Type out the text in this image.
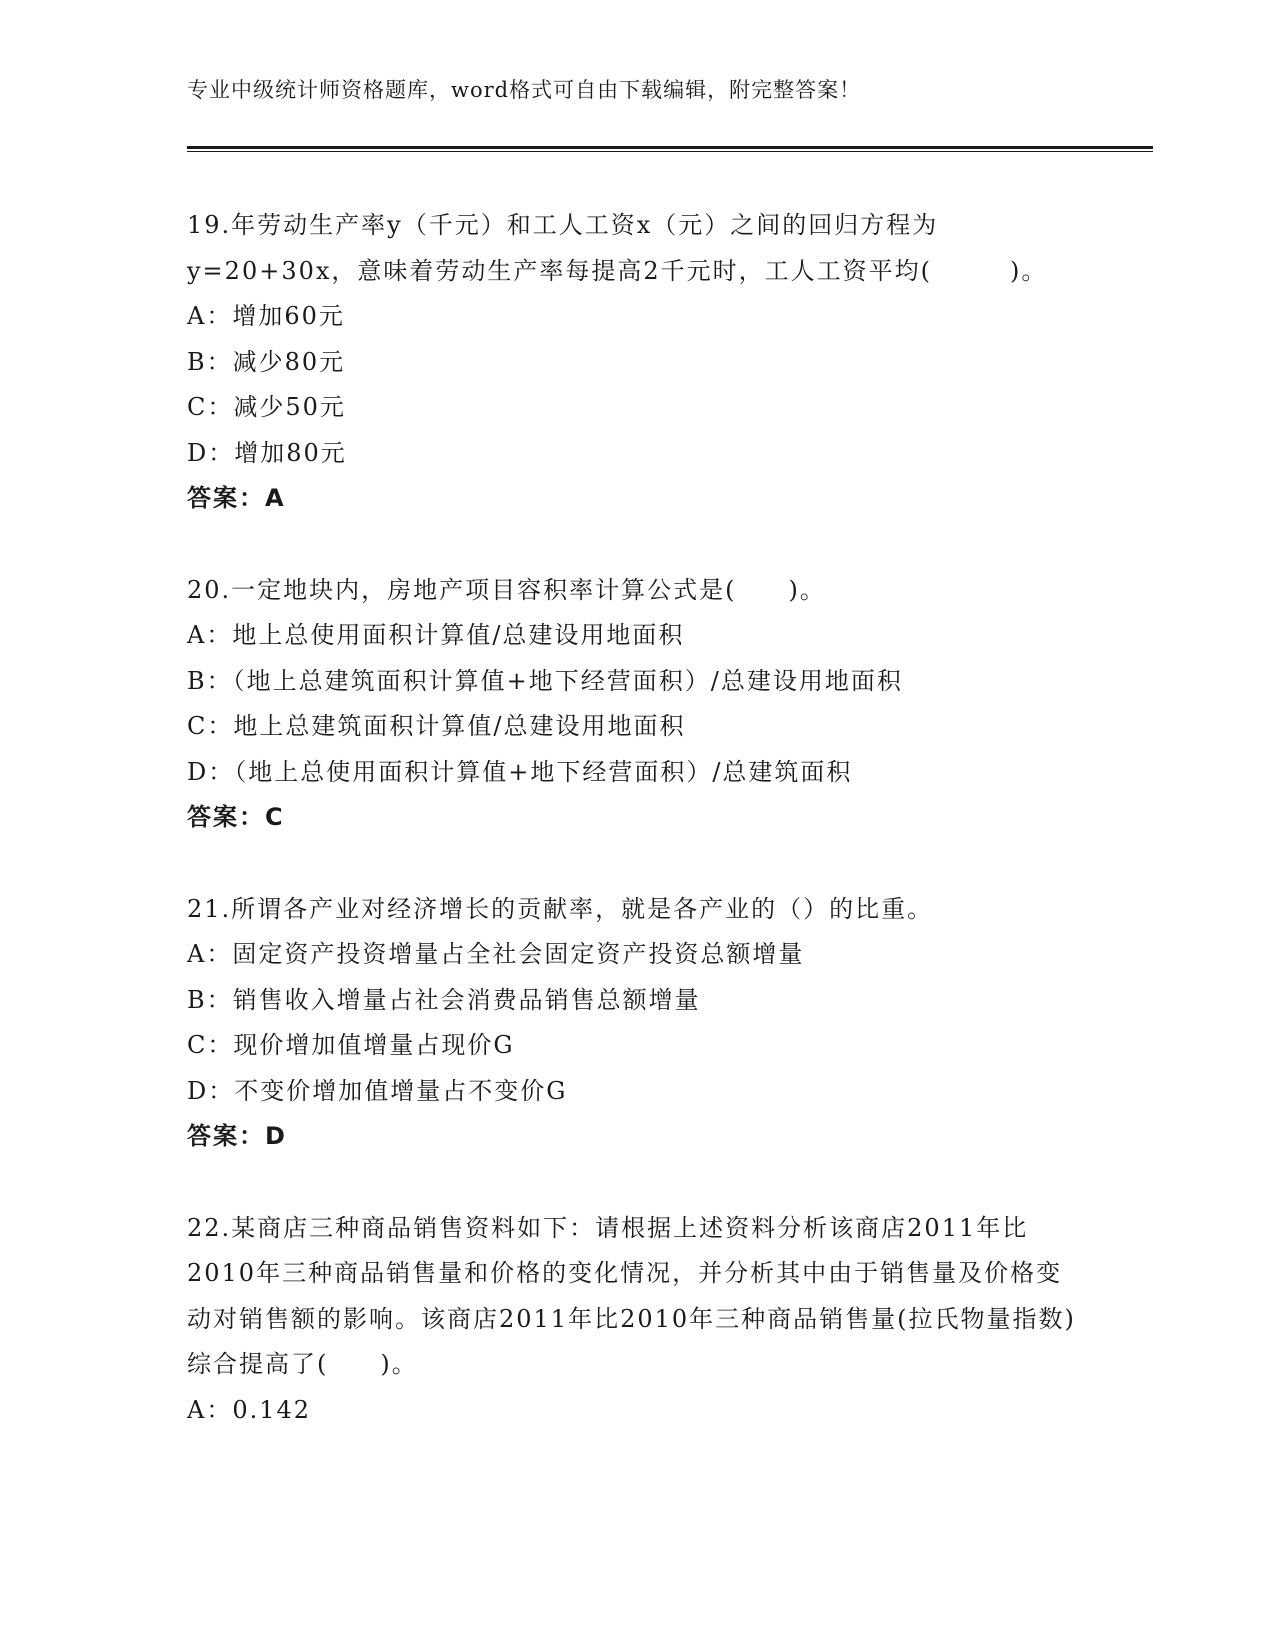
专业中级统计师资格题库，word格式可自由下载编辑，附完整答案！

19.年劳动生产率y（千元）和工人工资x（元）之间的回归方程为y=20+30x，意味着劳动生产率每提高2千元时，工人工资平均(　　　)。

A：增加60元

B：减少80元

C：减少50元

D：增加80元

答案：A

20.一定地块内，房地产项目容积率计算公式是(　　)。

A：地上总使用面积计算值/总建设用地面积

B：（地上总建筑面积计算值+地下经营面积）/总建设用地面积

C：地上总建筑面积计算值/总建设用地面积

D：（地上总使用面积计算值+地下经营面积）/总建筑面积

答案：C

21.所谓各产业对经济增长的贡献率，就是各产业的（）的比重。

A：固定资产投资增量占全社会固定资产投资总额增量

B：销售收入增量占社会消费品销售总额增量

C：现价增加值增量占现价G

D：不变价增加值增量占不变价G

答案：D

22.某商店三种商品销售资料如下：请根据上述资料分析该商店2011年比2010年三种商品销售量和价格的变化情况，并分析其中由于销售量及价格变动对销售额的影响。该商店2011年比2010年三种商品销售量(拉氏物量指数)综合提高了(　　)。

A：0.142
